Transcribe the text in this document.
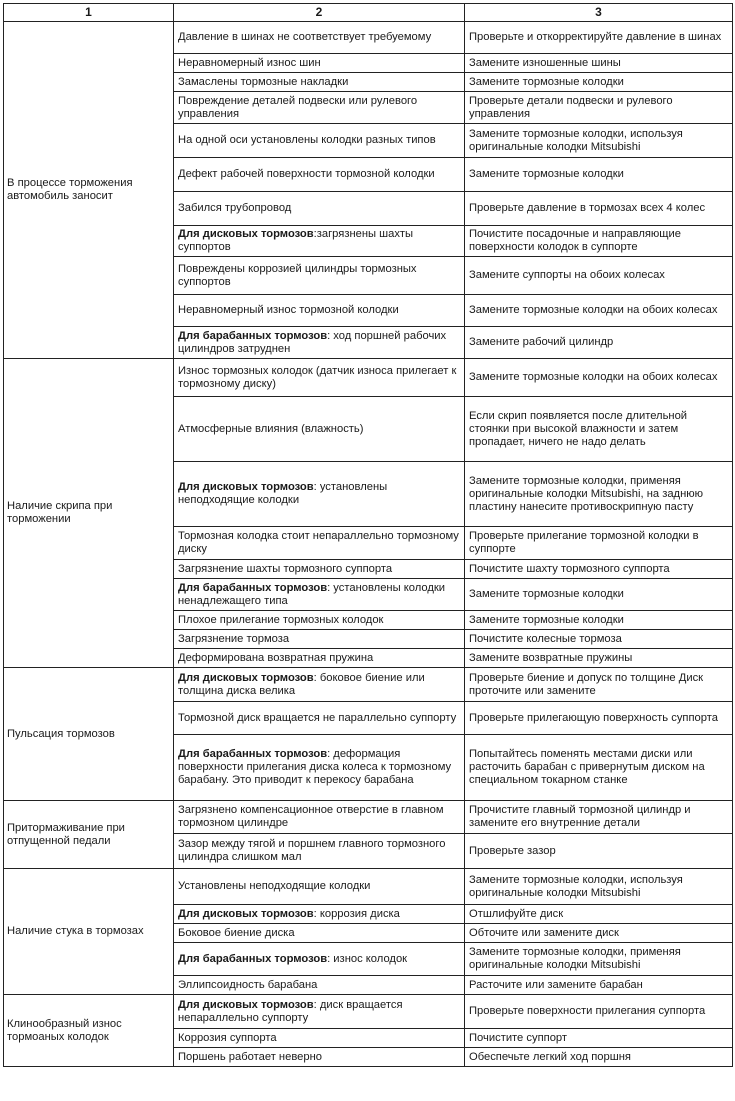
1	2	3
В процессе торможения автомобиль заносит	Давление в шинах не соответствует требуемому	Проверьте и откорректируйте давление в шинах
	Неравномерный износ шин	Замените изношенные шины
	Замаслены тормозные накладки	Замените тормозные колодки
	Повреждение деталей подвески или рулевого управления	Проверьте детали подвески и рулевого управления
	На одной оси установлены колодки разных типов	Замените тормозные колодки, используя оригинальные колодки Mitsubishi
	Дефект рабочей поверхности тормозной колодки	Замените тормозные колодки
	Забился трубопровод	Проверьте давление в тормозах всех 4 колес
	Для дисковых тормозов:загрязнены шахты суппортов	Почистите посадочные и направляющие поверхности колодок в суппорте
	Повреждены коррозией цилиндры тормозных суппортов	Замените суппорты на обоих колесах
	Неравномерный износ тормозной колодки	Замените тормозные колодки на обоих колесах
	Для барабанных тормозов: ход поршней рабочих цилиндров затруднен	Замените рабочий цилиндр
Наличие скрипа при торможении	Износ тормозных колодок (датчик износа прилегает к тормозному диску)	Замените тормозные колодки на обоих колесах
	Атмосферные влияния (влажность)	Если скрип появляется после длительной стоянки при высокой влажности и затем пропадает, ничего не надо делать
	Для дисковых тормозов: установлены неподходящие колодки	Замените тормозные колодки, применяя оригинальные колодки Mitsubishi, на заднюю пластину нанесите противоскрипную пасту
	Тормозная колодка стоит непараллельно тормозному диску	Проверьте прилегание тормозной колодки в суппорте
	Загрязнение шахты тормозного суппорта	Почистите шахту тормозного суппорта
	Для барабанных тормозов: установлены колодки ненадлежащего типа	Замените тормозные колодки
	Плохое прилегание тормозных колодок	Замените тормозные колодки
	Загрязнение тормоза	Почистите колесные тормоза
	Деформирована возвратная пружина	Замените возвратные пружины
Пульсация тормозов	Для дисковых тормозов: боковое биение или толщина диска велика	Проверьте биение и допуск по толщине Диск проточите или замените
	Тормозной диск вращается не параллельно суппорту	Проверьте прилегающую поверхность суппорта
	Для барабанных тормозов: деформация поверхности прилегания диска колеса к тормозному барабану. Это приводит к перекосу барабана	Попытайтесь поменять местами диски или расточить барабан с привернутым диском на специальном токарном станке
Притормаживание при отпущенной педали	Загрязнено компенсационное отверстие в главном тормозном цилиндре	Прочистите главный тормозной цилиндр и замените его внутренние детали
	Зазор между тягой и поршнем главного тормозного цилиндра слишком мал	Проверьте зазор
Наличие стука в тормозах	Установлены неподходящие колодки	Замените тормозные колодки, используя оригинальные колодки Mitsubishi
	Для дисковых тормозов: коррозия диска	Отшлифуйте диск
	Боковое биение диска	Обточите или замените диск
	Для барабанных тормозов: износ колодок	Замените тормозные колодки, применяя оригинальные колодки Mitsubishi
	Эллипсоидность барабана	Расточите или замените барабан
Клинообразный износ тормоаных колодок	Для дисковых тормозов: диск вращается непараллельно суппорту	Проверьте поверхности прилегания суппорта
	Коррозия суппорта	Почистите суппорт
	Поршень работает неверно	Обеспечьте легкий ход поршня
